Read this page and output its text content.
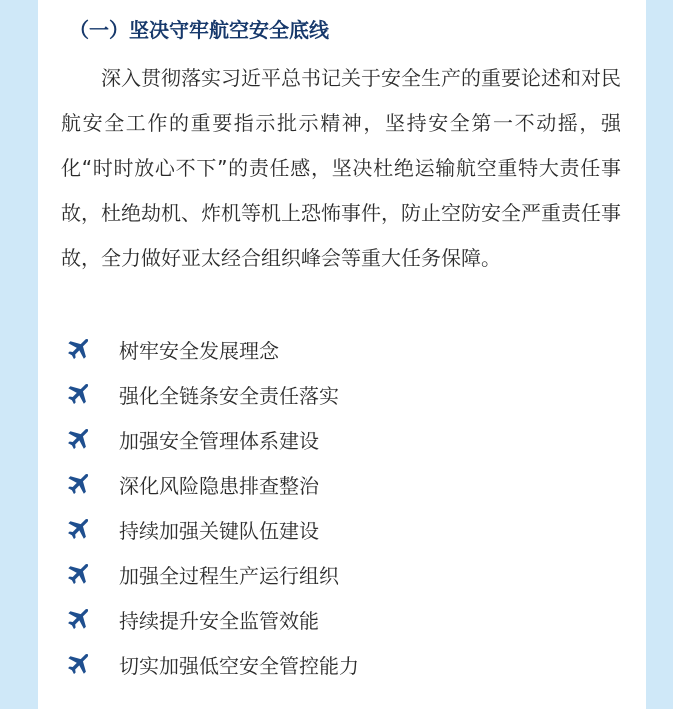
（一）坚决守牢航空安全底线

深入贯彻落实习近平总书记关于安全生产的重要论述和对民航安全工作的重要指示批示精神，坚持安全第一不动摇，强化“时时放心不下”的责任感，坚决杜绝运输航空重特大责任事故，杜绝劫机、炸机等机上恐怖事件，防止空防安全严重责任事故，全力做好亚太经合组织峰会等重大任务保障。

树牢安全发展理念
强化全链条安全责任落实
加强安全管理体系建设
深化风险隐患排查整治
持续加强关键队伍建设
加强全过程生产运行组织
持续提升安全监管效能
切实加强低空安全管控能力
